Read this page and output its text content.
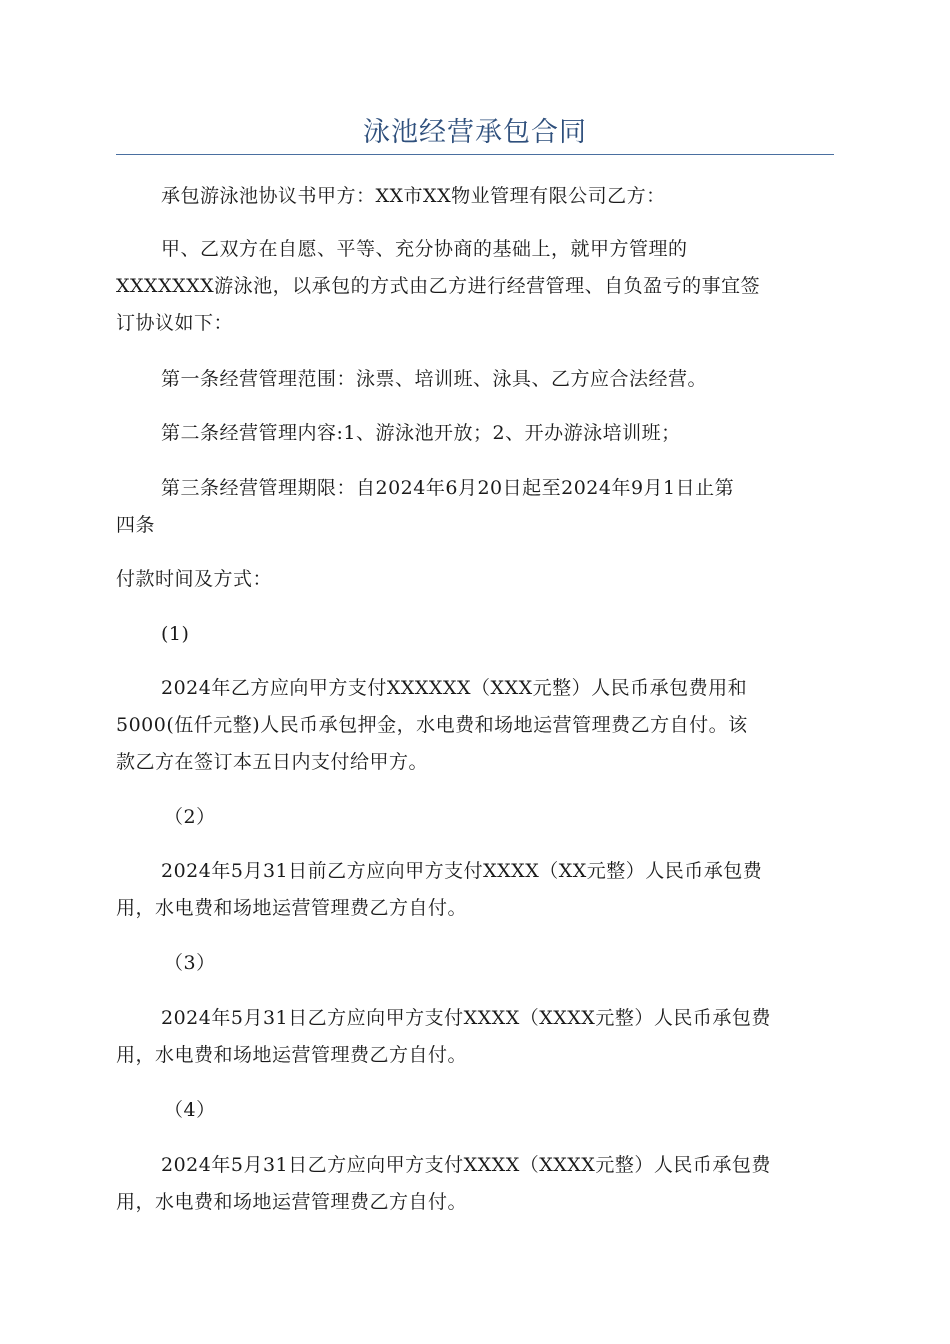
泳池经营承包合同
承包游泳池协议书甲方：XX市XX物业管理有限公司乙方：
甲、乙双方在自愿、平等、充分协商的基础上，就甲方管理的
XXXXXXX游泳池，以承包的方式由乙方进行经营管理、自负盈亏的事宜签
订协议如下：
第一条经营管理范围：泳票、培训班、泳具、乙方应合法经营。
第二条经营管理内容:1、游泳池开放；2、开办游泳培训班；
第三条经营管理期限：自2024年6月20日起至2024年9月1日止第
四条
付款时间及方式：
(1)
2024年乙方应向甲方支付XXXXXX（XXX元整）人民币承包费用和
5000(伍仟元整)人民币承包押金，水电费和场地运营管理费乙方自付。该
款乙方在签订本五日内支付给甲方。
（2）
2024年5月31日前乙方应向甲方支付XXXX（XX元整）人民币承包费
用，水电费和场地运营管理费乙方自付。
（3）
2024年5月31日乙方应向甲方支付XXXX（XXXX元整）人民币承包费
用，水电费和场地运营管理费乙方自付。
（4）
2024年5月31日乙方应向甲方支付XXXX（XXXX元整）人民币承包费
用，水电费和场地运营管理费乙方自付。
